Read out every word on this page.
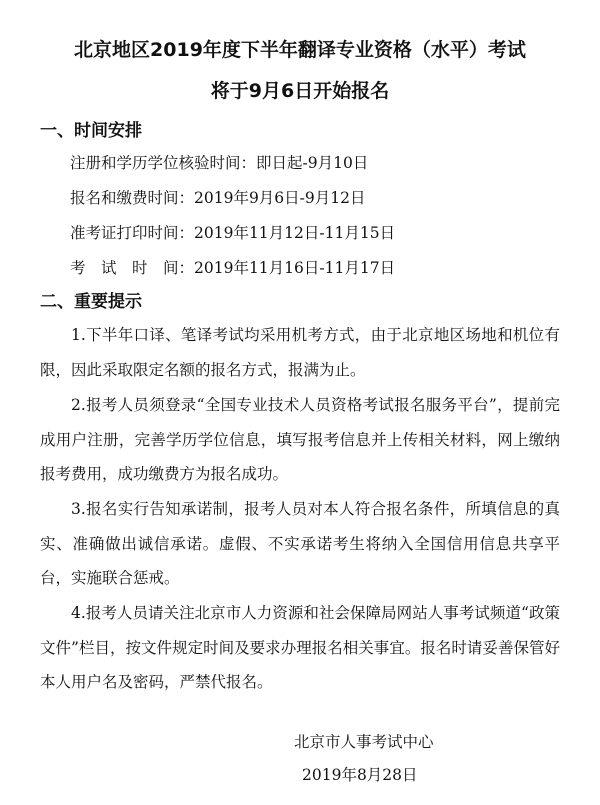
北京地区2019年度下半年翻译专业资格（水平）考试
将于9月6日开始报名
一、时间安排
注册和学历学位核验时间：即日起-9月10日
报名和缴费时间：2019年9月6日-9月12日
准考证打印时间：2019年11月12日-11月15日
考　试　时　间：2019年11月16日-11月17日
二、重要提示
1.下半年口译、笔译考试均采用机考方式，由于北京地区场地和机位有限，因此采取限定名额的报名方式，报满为止。
2.报考人员须登录“全国专业技术人员资格考试报名服务平台”，提前完成用户注册，完善学历学位信息，填写报考信息并上传相关材料，网上缴纳报考费用，成功缴费方为报名成功。
3.报名实行告知承诺制，报考人员对本人符合报名条件，所填信息的真实、准确做出诚信承诺。虚假、不实承诺考生将纳入全国信用信息共享平台，实施联合惩戒。
4.报考人员请关注北京市人力资源和社会保障局网站人事考试频道“政策文件”栏目，按文件规定时间及要求办理报名相关事宜。报名时请妥善保管好本人用户名及密码，严禁代报名。
北京市人事考试中心
2019年8月28日
